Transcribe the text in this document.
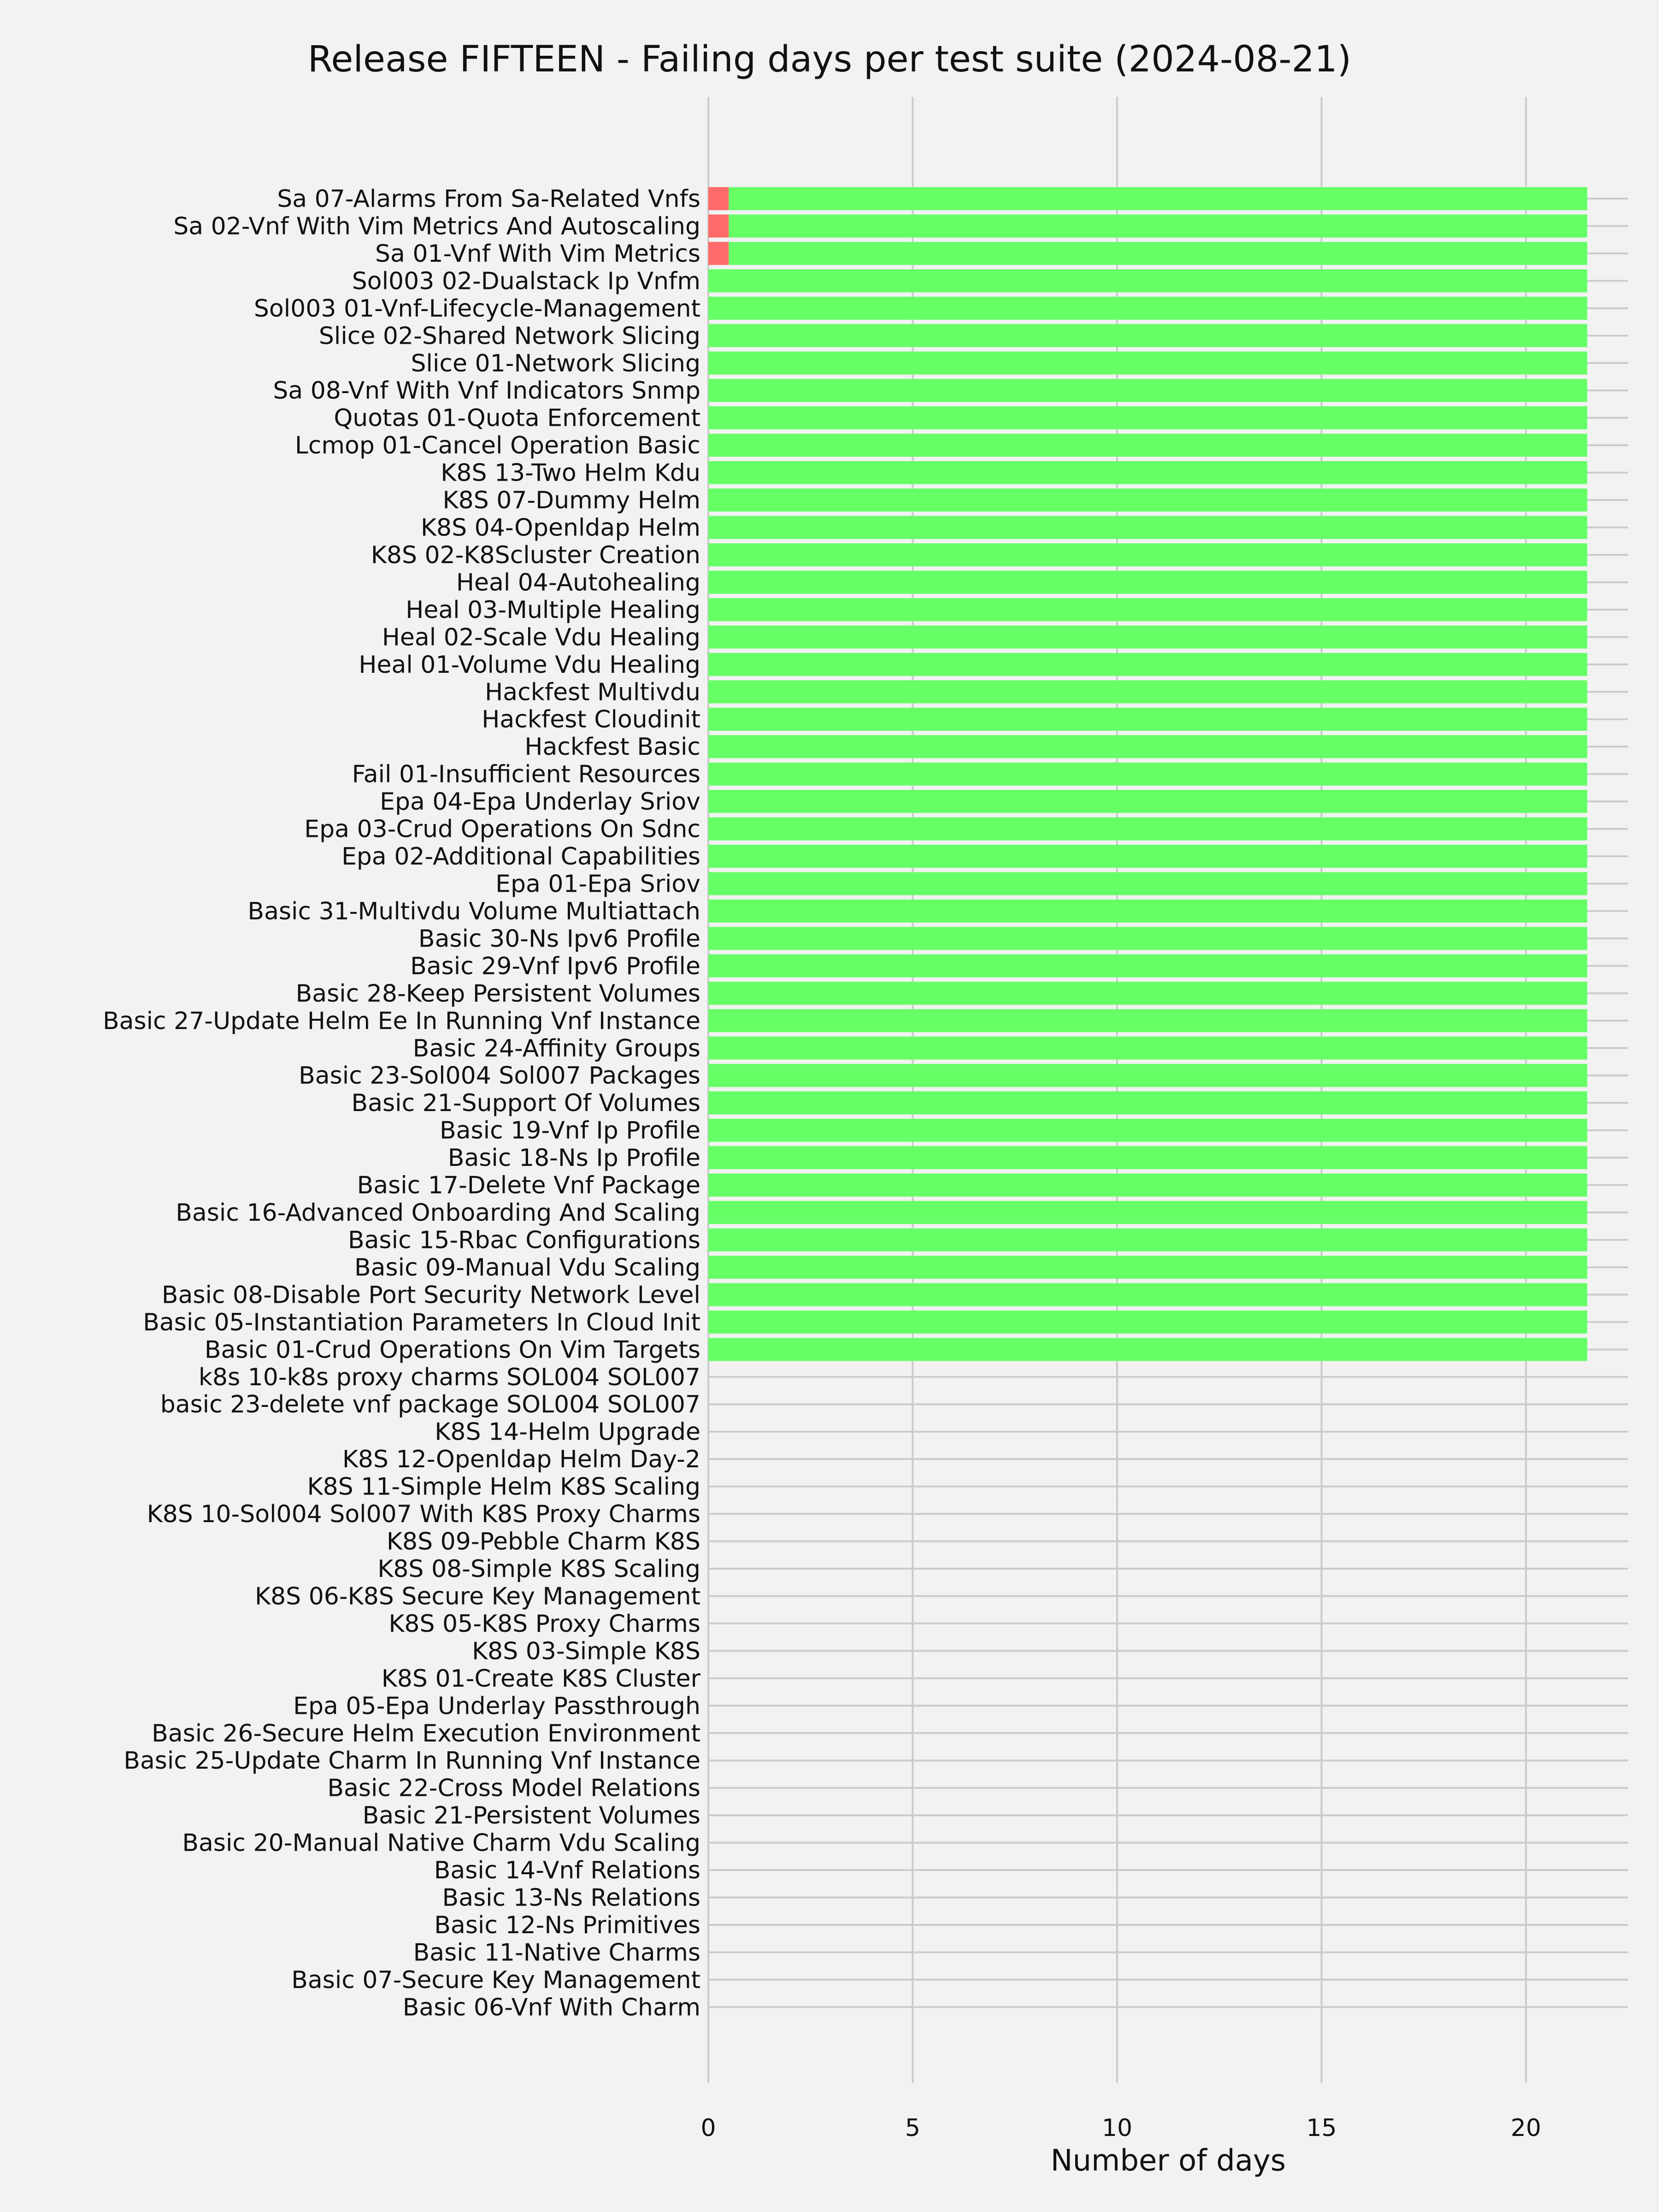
Release FIFTEEN - Failing days per test suite (2024-08-21)
Sa 07-Alarms From Sa-Related Vnfs
Sa 02-Vnf With Vim Metrics And Autoscaling
Sa 01-Vnf With Vim Metrics
Sol003 02-Dualstack Ip Vnfm
Sol003 01-Vnf-Lifecycle-Management
Slice 02-Shared Network Slicing
Slice 01-Network Slicing
Sa 08-Vnf With Vnf Indicators Snmp
Quotas 01-Quota Enforcement
Lcmop 01-Cancel Operation Basic
K8S 13-Two Helm Kdu
K8S 07-Dummy Helm
K8S 04-Openldap Helm
K8S 02-K8Scluster Creation
Heal 04-Autohealing
Heal 03-Multiple Healing
Heal 02-Scale Vdu Healing
Heal 01-Volume Vdu Healing
Hackfest Multivdu
Hackfest Cloudinit
Hackfest Basic
Fail 01-Insufficient Resources
Epa 04-Epa Underlay Sriov
Epa 03-Crud Operations On Sdnc
Epa 02-Additional Capabilities
Epa 01-Epa Sriov
Basic 31-Multivdu Volume Multiattach
Basic 30-Ns Ipv6 Profile
Basic 29-Vnf Ipv6 Profile
Basic 28-Keep Persistent Volumes
Basic 27-Update Helm Ee In Running Vnf Instance
Basic 24-Affinity Groups
Basic 23-Sol004 Sol007 Packages
Basic 21-Support Of Volumes
Basic 19-Vnf Ip Profile
Basic 18-Ns Ip Profile
Basic 17-Delete Vnf Package
Basic 16-Advanced Onboarding And Scaling
Basic 15-Rbac Configurations
Basic 09-Manual Vdu Scaling
Basic 08-Disable Port Security Network Level
Basic 05-Instantiation Parameters In Cloud Init
Basic 01-Crud Operations On Vim Targets
k8s 10-k8s proxy charms SOL004 SOL007
basic 23-delete vnf package SOL004 SOL007
K8S 14-Helm Upgrade
K8S 12-Openldap Helm Day-2
K8S 11-Simple Helm K8S Scaling
K8S 10-Sol004 Sol007 With K8S Proxy Charms
K8S 09-Pebble Charm K8S
K8S 08-Simple K8S Scaling
K8S 06-K8S Secure Key Management
K8S 05-K8S Proxy Charms
K8S 03-Simple K8S
K8S 01-Create K8S Cluster
Epa 05-Epa Underlay Passthrough
Basic 26-Secure Helm Execution Environment
Basic 25-Update Charm In Running Vnf Instance
Basic 22-Cross Model Relations
Basic 21-Persistent Volumes
Basic 20-Manual Native Charm Vdu Scaling
Basic 14-Vnf Relations
Basic 13-Ns Relations
Basic 12-Ns Primitives
Basic 11-Native Charms
Basic 07-Secure Key Management
Basic 06-Vnf With Charm
0	5	10	15	20
Number of days
